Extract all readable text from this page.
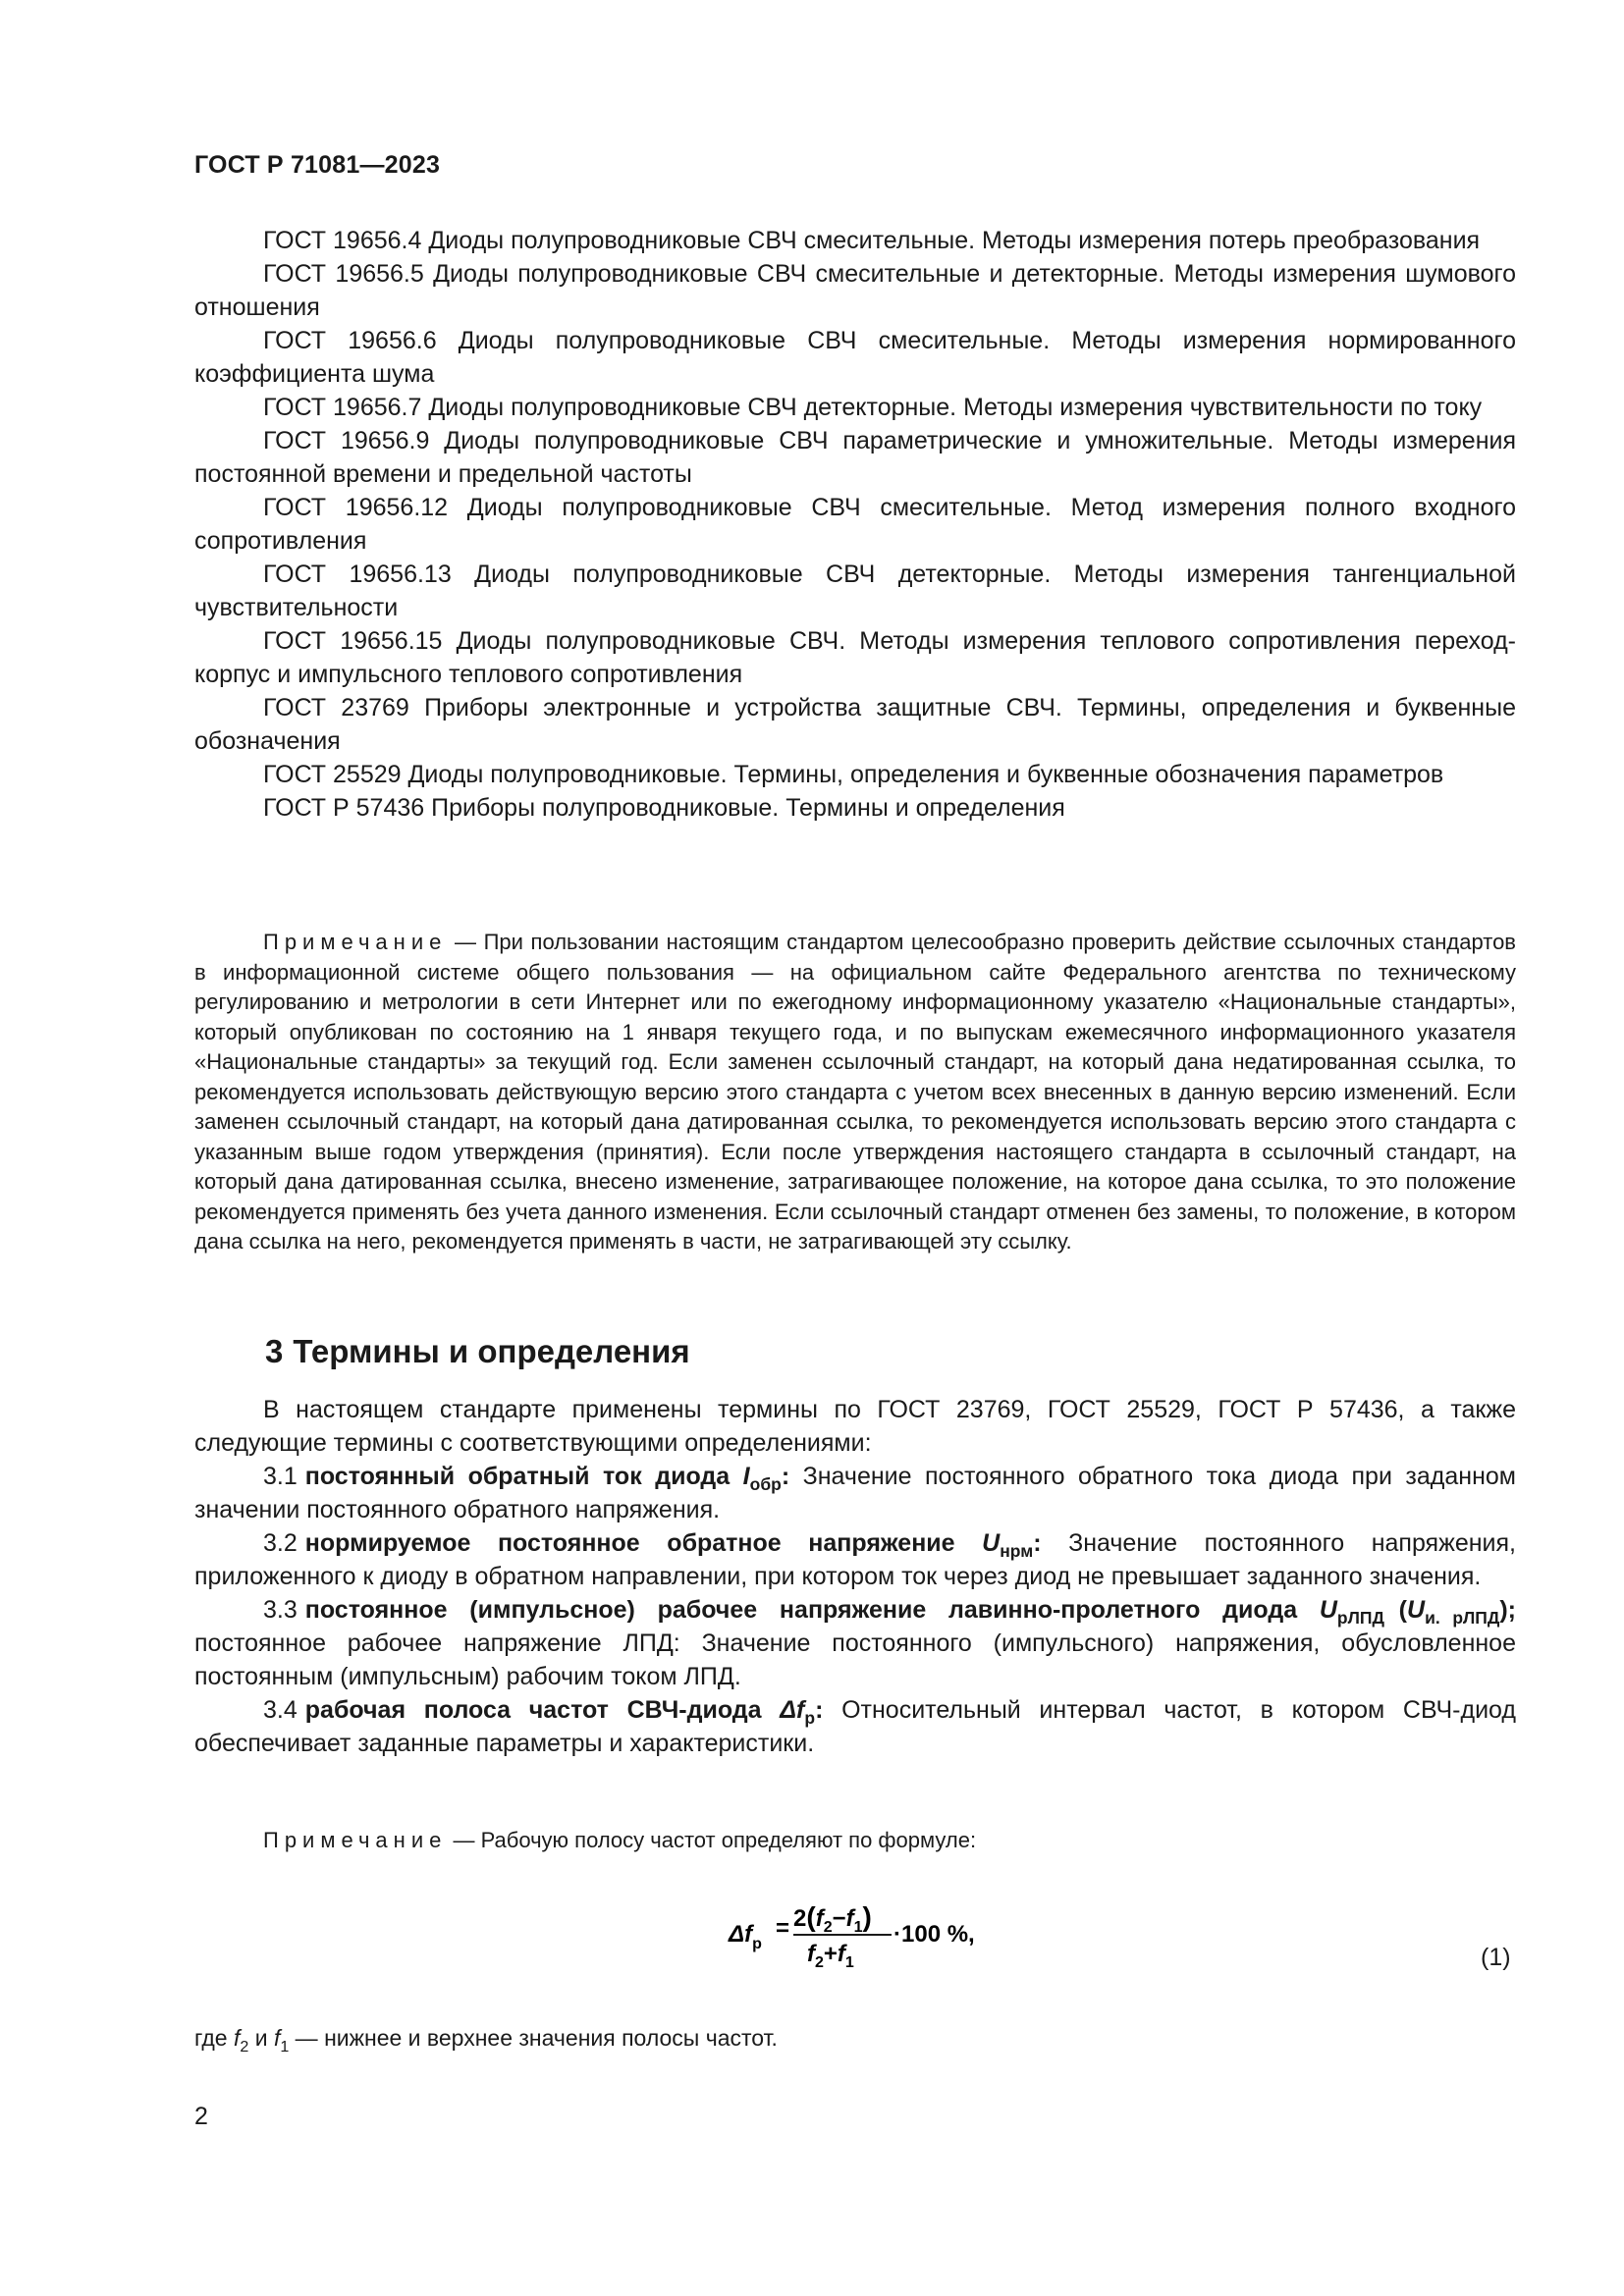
ГОСТ Р 71081—2023

ГОСТ 19656.4 Диоды полупроводниковые СВЧ смесительные. Методы измерения потерь преобразования

ГОСТ 19656.5 Диоды полупроводниковые СВЧ смесительные и детекторные. Методы измерения шумового отношения

ГОСТ 19656.6 Диоды полупроводниковые СВЧ смесительные. Методы измерения нормированного коэффициента шума

ГОСТ 19656.7 Диоды полупроводниковые СВЧ детекторные. Методы измерения чувствительности по току

ГОСТ 19656.9 Диоды полупроводниковые СВЧ параметрические и умножительные. Методы измерения постоянной времени и предельной частоты

ГОСТ 19656.12 Диоды полупроводниковые СВЧ смесительные. Метод измерения полного входного сопротивления

ГОСТ 19656.13 Диоды полупроводниковые СВЧ детекторные. Методы измерения тангенциальной чувствительности

ГОСТ 19656.15 Диоды полупроводниковые СВЧ. Методы измерения теплового сопротивления переход-корпус и импульсного теплового сопротивления

ГОСТ 23769 Приборы электронные и устройства защитные СВЧ. Термины, определения и буквенные обозначения

ГОСТ 25529 Диоды полупроводниковые. Термины, определения и буквенные обозначения параметров

ГОСТ Р 57436 Приборы полупроводниковые. Термины и определения

Примечание — При пользовании настоящим стандартом целесообразно проверить действие ссылочных стандартов в информационной системе общего пользования — на официальном сайте Федерального агентства по техническому регулированию и метрологии в сети Интернет или по ежегодному информационному указателю «Национальные стандарты», который опубликован по состоянию на 1 января текущего года, и по выпускам ежемесячного информационного указателя «Национальные стандарты» за текущий год. Если заменен ссылочный стандарт, на который дана недатированная ссылка, то рекомендуется использовать действующую версию этого стандарта с учетом всех внесенных в данную версию изменений. Если заменен ссылочный стандарт, на который дана датированная ссылка, то рекомендуется использовать версию этого стандарта с указанным выше годом утверждения (принятия). Если после утверждения настоящего стандарта в ссылочный стандарт, на который дана датированная ссылка, внесено изменение, затрагивающее положение, на которое дана ссылка, то это положение рекомендуется применять без учета данного изменения. Если ссылочный стандарт отменен без замены, то положение, в котором дана ссылка на него, рекомендуется применять в части, не затрагивающей эту ссылку.
3 Термины и определения

В настоящем стандарте применены термины по ГОСТ 23769, ГОСТ 25529, ГОСТ Р 57436, а также следующие термины с соответствующими определениями:

3.1 постоянный обратный ток диода $I_{обр}$: Значение постоянного обратного тока диода при заданном значении постоянного обратного напряжения.

3.2 нормируемое постоянное обратное напряжение $U_{нрм}$: Значение постоянного напряжения, приложенного к диоду в обратном направлении, при котором ток через диод не превышает заданного значения.

3.3 постоянное (импульсное) рабочее напряжение лавинно-пролетного диода $U_{рЛПД}$ $(U_{и. рЛПД})$; постоянное рабочее напряжение ЛПД: Значение постоянного (импульсного) напряжения, обусловленное постоянным (импульсным) рабочим током ЛПД.

3.4 рабочая полоса частот СВЧ-диода $\Delta f_р$: Относительный интервал частот, в котором СВЧ-диод обеспечивает заданные параметры и характеристики.

Примечание — Рабочую полосу частот определяют по формуле:
$\Delta f_р$
= $2(f_2-f_1)$
$f_2+f_1$
·100 %,
(1)
где $f_2$ и $f_1$ — нижнее и верхнее значения полосы частот.
2
